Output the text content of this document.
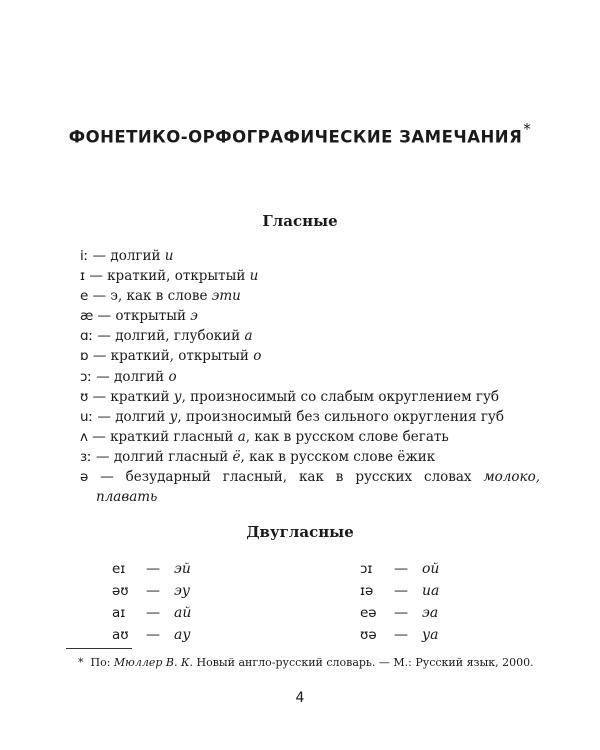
ФОНЕТИКО-ОРФОГРАФИЧЕСКИЕ ЗАМЕЧАНИЯ*
Гласные
iː — долгий и
ɪ — краткий, открытый и
e — э, как в слове эти
æ — открытый э
ɑː — долгий, глубокий а
ɒ — краткий, открытый о
ɔː — долгий о
ʊ — краткий у, произносимый со слабым округлением губ
uː — долгий у, произносимый без сильного округления губ
ʌ — краткий гласный а, как в русском слове бегать
ɜː — долгий гласный ё, как в русском слове ёжик
ə — безударный гласный, как в русских словах молоко, плавать
Двугласные
eɪ — эй
əʊ — эу
aɪ — ай
aʊ — ау
ɔɪ — ой
ɪə — иа
eə — эа
ʊə — уа
* По: Мюллер В. К. Новый англо-русский словарь. — М.: Русский язык, 2000.
4
